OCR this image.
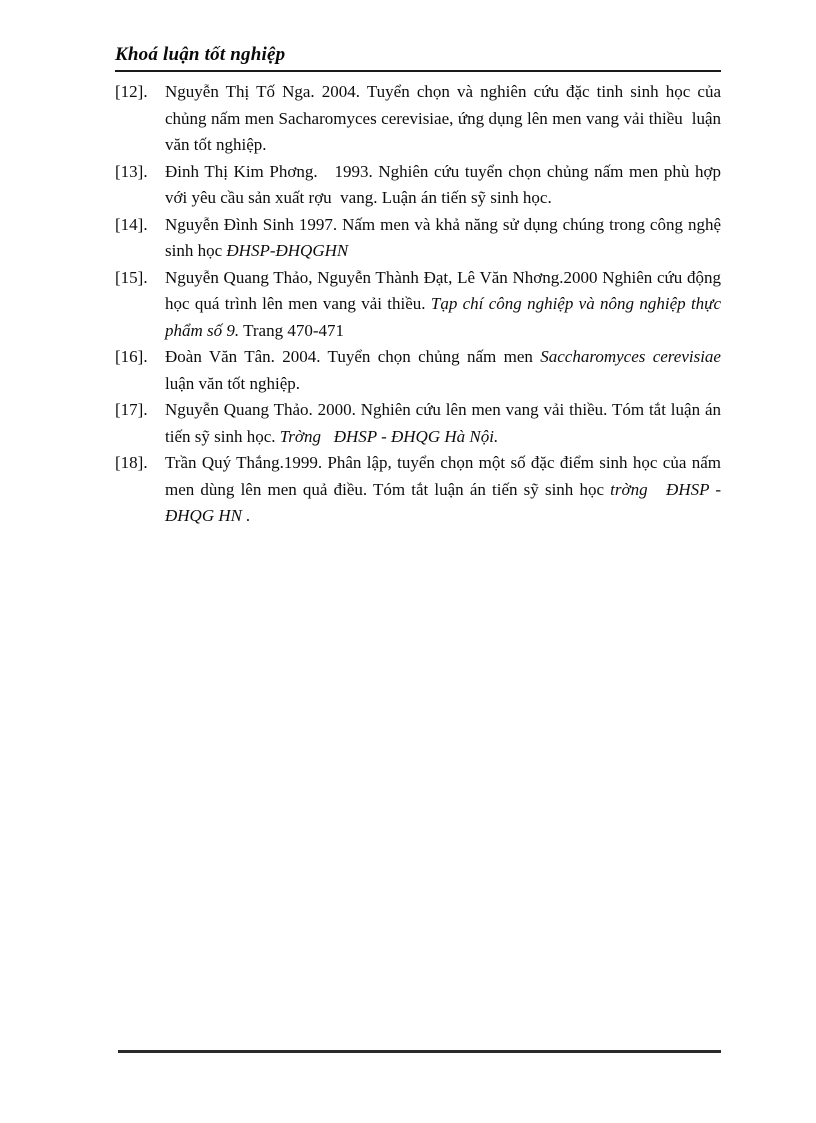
Khoá luận tốt nghiệp
[12].	Nguyễn Thị Tố Nga. 2004. Tuyển chọn và nghiên cứu đặc tinh sinh học của chủng nấm men Sacharomyces cerevisiae, ứng dụng lên men vang vải thiều  luận văn tốt nghiệp.
[13].	Đinh Thị Kim Phơng.   1993. Nghiên cứu tuyển chọn chủng nấm men phù hợp với yêu cầu sản xuất rợu  vang. Luận án tiến sỹ sinh học.
[14].	Nguyễn Đình Sinh 1997. Nấm men và khả năng sử dụng chúng trong công nghệ sinh học ĐHSP-ĐHQGHN
[15].	Nguyễn Quang Thảo, Nguyễn Thành Đạt, Lê Văn Nhơng.2000 Nghiên cứu động học quá trình lên men vang vải thiều. Tạp chí công nghiệp và nông nghiệp thực phẩm số 9. Trang 470-471
[16].	Đoàn Văn Tân. 2004. Tuyển chọn chủng nấm men Saccharomyces cerevisiae luận văn tốt nghiệp.
[17].	Nguyễn Quang Thảo. 2000. Nghiên cứu lên men vang vải thiều. Tóm tắt luận án tiến sỹ sinh học. Trờng   ĐHSP - ĐHQG Hà Nội.
[18].	Trần Quý Thắng.1999. Phân lập, tuyển chọn một số đặc điểm sinh học của nấm men dùng lên men quả điều. Tóm tắt luận án tiến sỹ sinh học trờng   ĐHSP - ĐHQG HN .
